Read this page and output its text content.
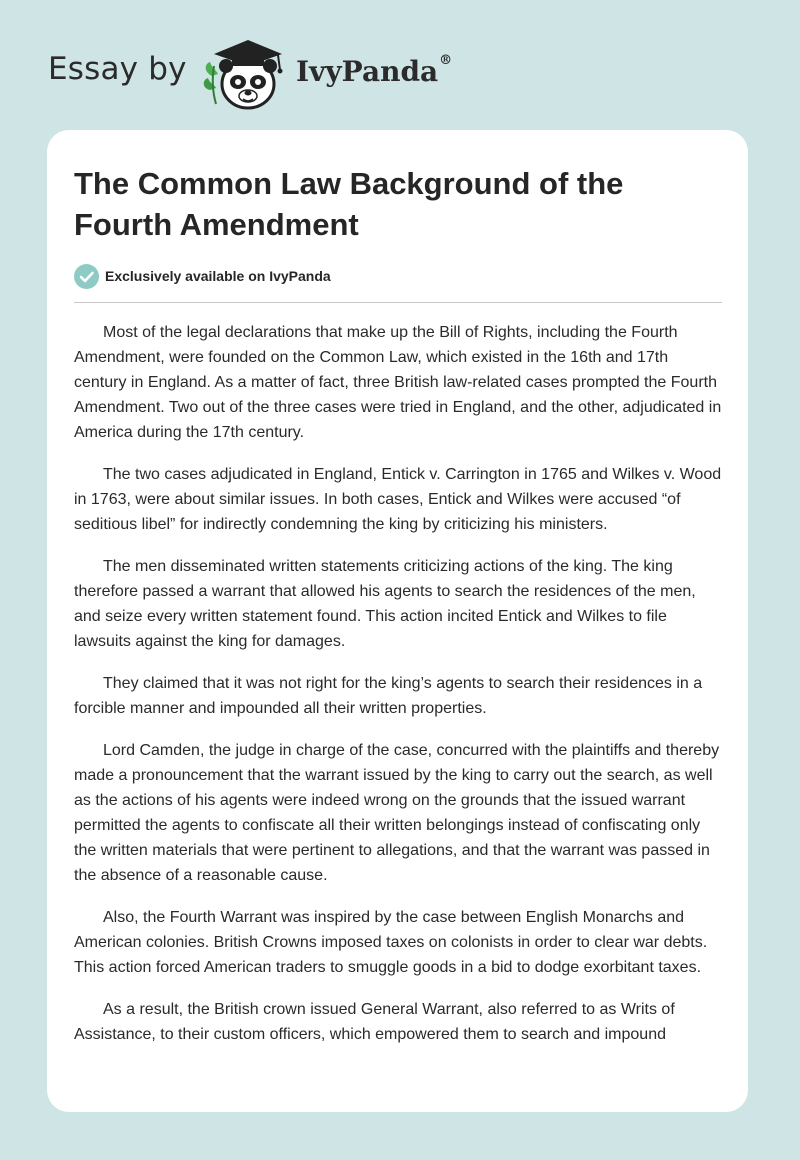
Essay by	IvyPanda®
The Common Law Background of the Fourth Amendment
Exclusively available on IvyPanda

Most of the legal declarations that make up the Bill of Rights, including the Fourth Amendment, were founded on the Common Law, which existed in the 16th and 17th century in England. As a matter of fact, three British law-related cases prompted the Fourth Amendment. Two out of the three cases were tried in England, and the other, adjudicated in America during the 17th century.

The two cases adjudicated in England, Entick v. Carrington in 1765 and Wilkes v. Wood in 1763, were about similar issues. In both cases, Entick and Wilkes were accused “of seditious libel” for indirectly condemning the king by criticizing his ministers.

The men disseminated written statements criticizing actions of the king. The king therefore passed a warrant that allowed his agents to search the residences of the men, and seize every written statement found. This action incited Entick and Wilkes to file lawsuits against the king for damages.

They claimed that it was not right for the king’s agents to search their residences in a forcible manner and impounded all their written properties.

Lord Camden, the judge in charge of the case, concurred with the plaintiffs and thereby made a pronouncement that the warrant issued by the king to carry out the search, as well as the actions of his agents were indeed wrong on the grounds that the issued warrant permitted the agents to confiscate all their written belongings instead of confiscating only the written materials that were pertinent to allegations, and that the warrant was passed in the absence of a reasonable cause.

Also, the Fourth Warrant was inspired by the case between English Monarchs and American colonies. British Crowns imposed taxes on colonists in order to clear war debts. This action forced American traders to smuggle goods in a bid to dodge exorbitant taxes.

As a result, the British crown issued General Warrant, also referred to as Writs of Assistance, to their custom officers, which empowered them to search and impound
